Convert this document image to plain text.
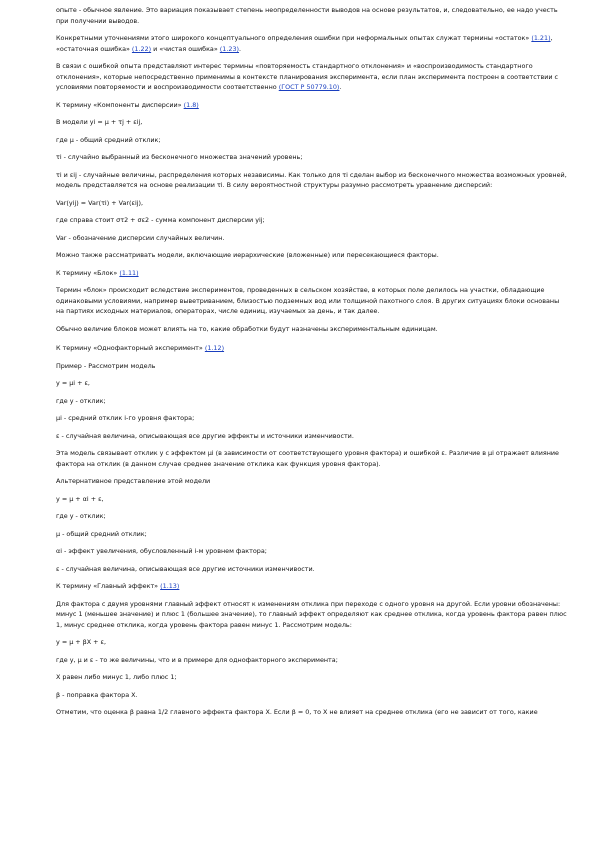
опыте - обычное явление. Это вариация показывает степень неопределенности выводов на основе результатов, и, следовательно, ее надо учесть при получении выводов.

Конкретными уточнениями этого широкого концептуального определения ошибки при неформальных опытах служат термины «остаток» (1.21), «остаточная ошибка» (1.22) и «чистая ошибка» (1.23).

В связи с ошибкой опыта представляют интерес термины «повторяемость стандартного отклонения» и «воспроизводимость стандартного отклонения», которые непосредственно применимы в контексте планирования эксперимента, если план эксперимента построен в соответствии с условиями повторяемости и воспроизводимости соответственно (ГОСТ Р 50779.10).

К термину «Компоненты дисперсии» (1.8)

В модели yi = μ + τj + εij,

где μ - общий средний отклик;

τi - случайно выбранный из бесконечного множества значений уровень;

τi и εij - случайные величины, распределения которых независимы. Как только для τi сделан выбор из бесконечного множества возможных уровней, модель представляется на основе реализации τi. В силу вероятностной структуры разумно рассмотреть уравнение дисперсий:

Var(yij) = Var(τi) + Var(εij),

где справа стоит στ2 + σε2 - сумма компонент дисперсии yij;

Var - обозначение дисперсии случайных величин.

Можно также рассматривать модели, включающие иерархические (вложенные) или пересекающиеся факторы.

К термину «Блок» (1.11)

Термин «блок» происходит вследствие экспериментов, проведенных в сельском хозяйстве, в которых поле делилось на участки, обладающие одинаковыми условиями, например выветриванием, близостью подземных вод или толщиной пахотного слоя. В других ситуациях блоки основаны на партиях исходных материалов, операторах, числе единиц, изучаемых за день, и так далее.

Обычно величие блоков может влиять на то, какие обработки будут назначены экспериментальным единицам.

К термину «Однофакторный эксперимент» (1.12)

Пример - Рассмотрим модель

y = μi + ε,

где y - отклик;

μi - средний отклик i-го уровня фактора;

ε - случайная величина, описывающая все другие эффекты и источники изменчивости.

Эта модель связывает отклик y с эффектом μi (в зависимости от соответствующего уровня фактора) и ошибкой ε. Различие в μi отражает влияние фактора на отклик (в данном случае среднее значение отклика как функция уровня фактора).

Альтернативное представление этой модели

y = μ + αi + ε,

где y - отклик;

μ - общий средний отклик;

αi - эффект увеличения, обусловленный i-м уровнем фактора;

ε - случайная величина, описывающая все другие источники изменчивости.

К термину «Главный эффект» (1.13)

Для фактора с двумя уровнями главный эффект относят к изменениям отклика при переходе с одного уровня на другой. Если уровни обозначены: минус 1 (меньшее значение) и плюс 1 (большее значение), то главный эффект определяют как среднее отклика, когда уровень фактора равен плюс 1, минус среднее отклика, когда уровень фактора равен минус 1. Рассмотрим модель:

y = μ + βX + ε,

где y, μ и ε - то же величины, что и в примере для однофакторного эксперимента;

X равен либо минус 1, либо плюс 1;

β - поправка фактора X.

Отметим, что оценка β равна 1/2 главного эффекта фактора X. Если β = 0, то X не влияет на среднее отклика (его не зависит от того, какие
